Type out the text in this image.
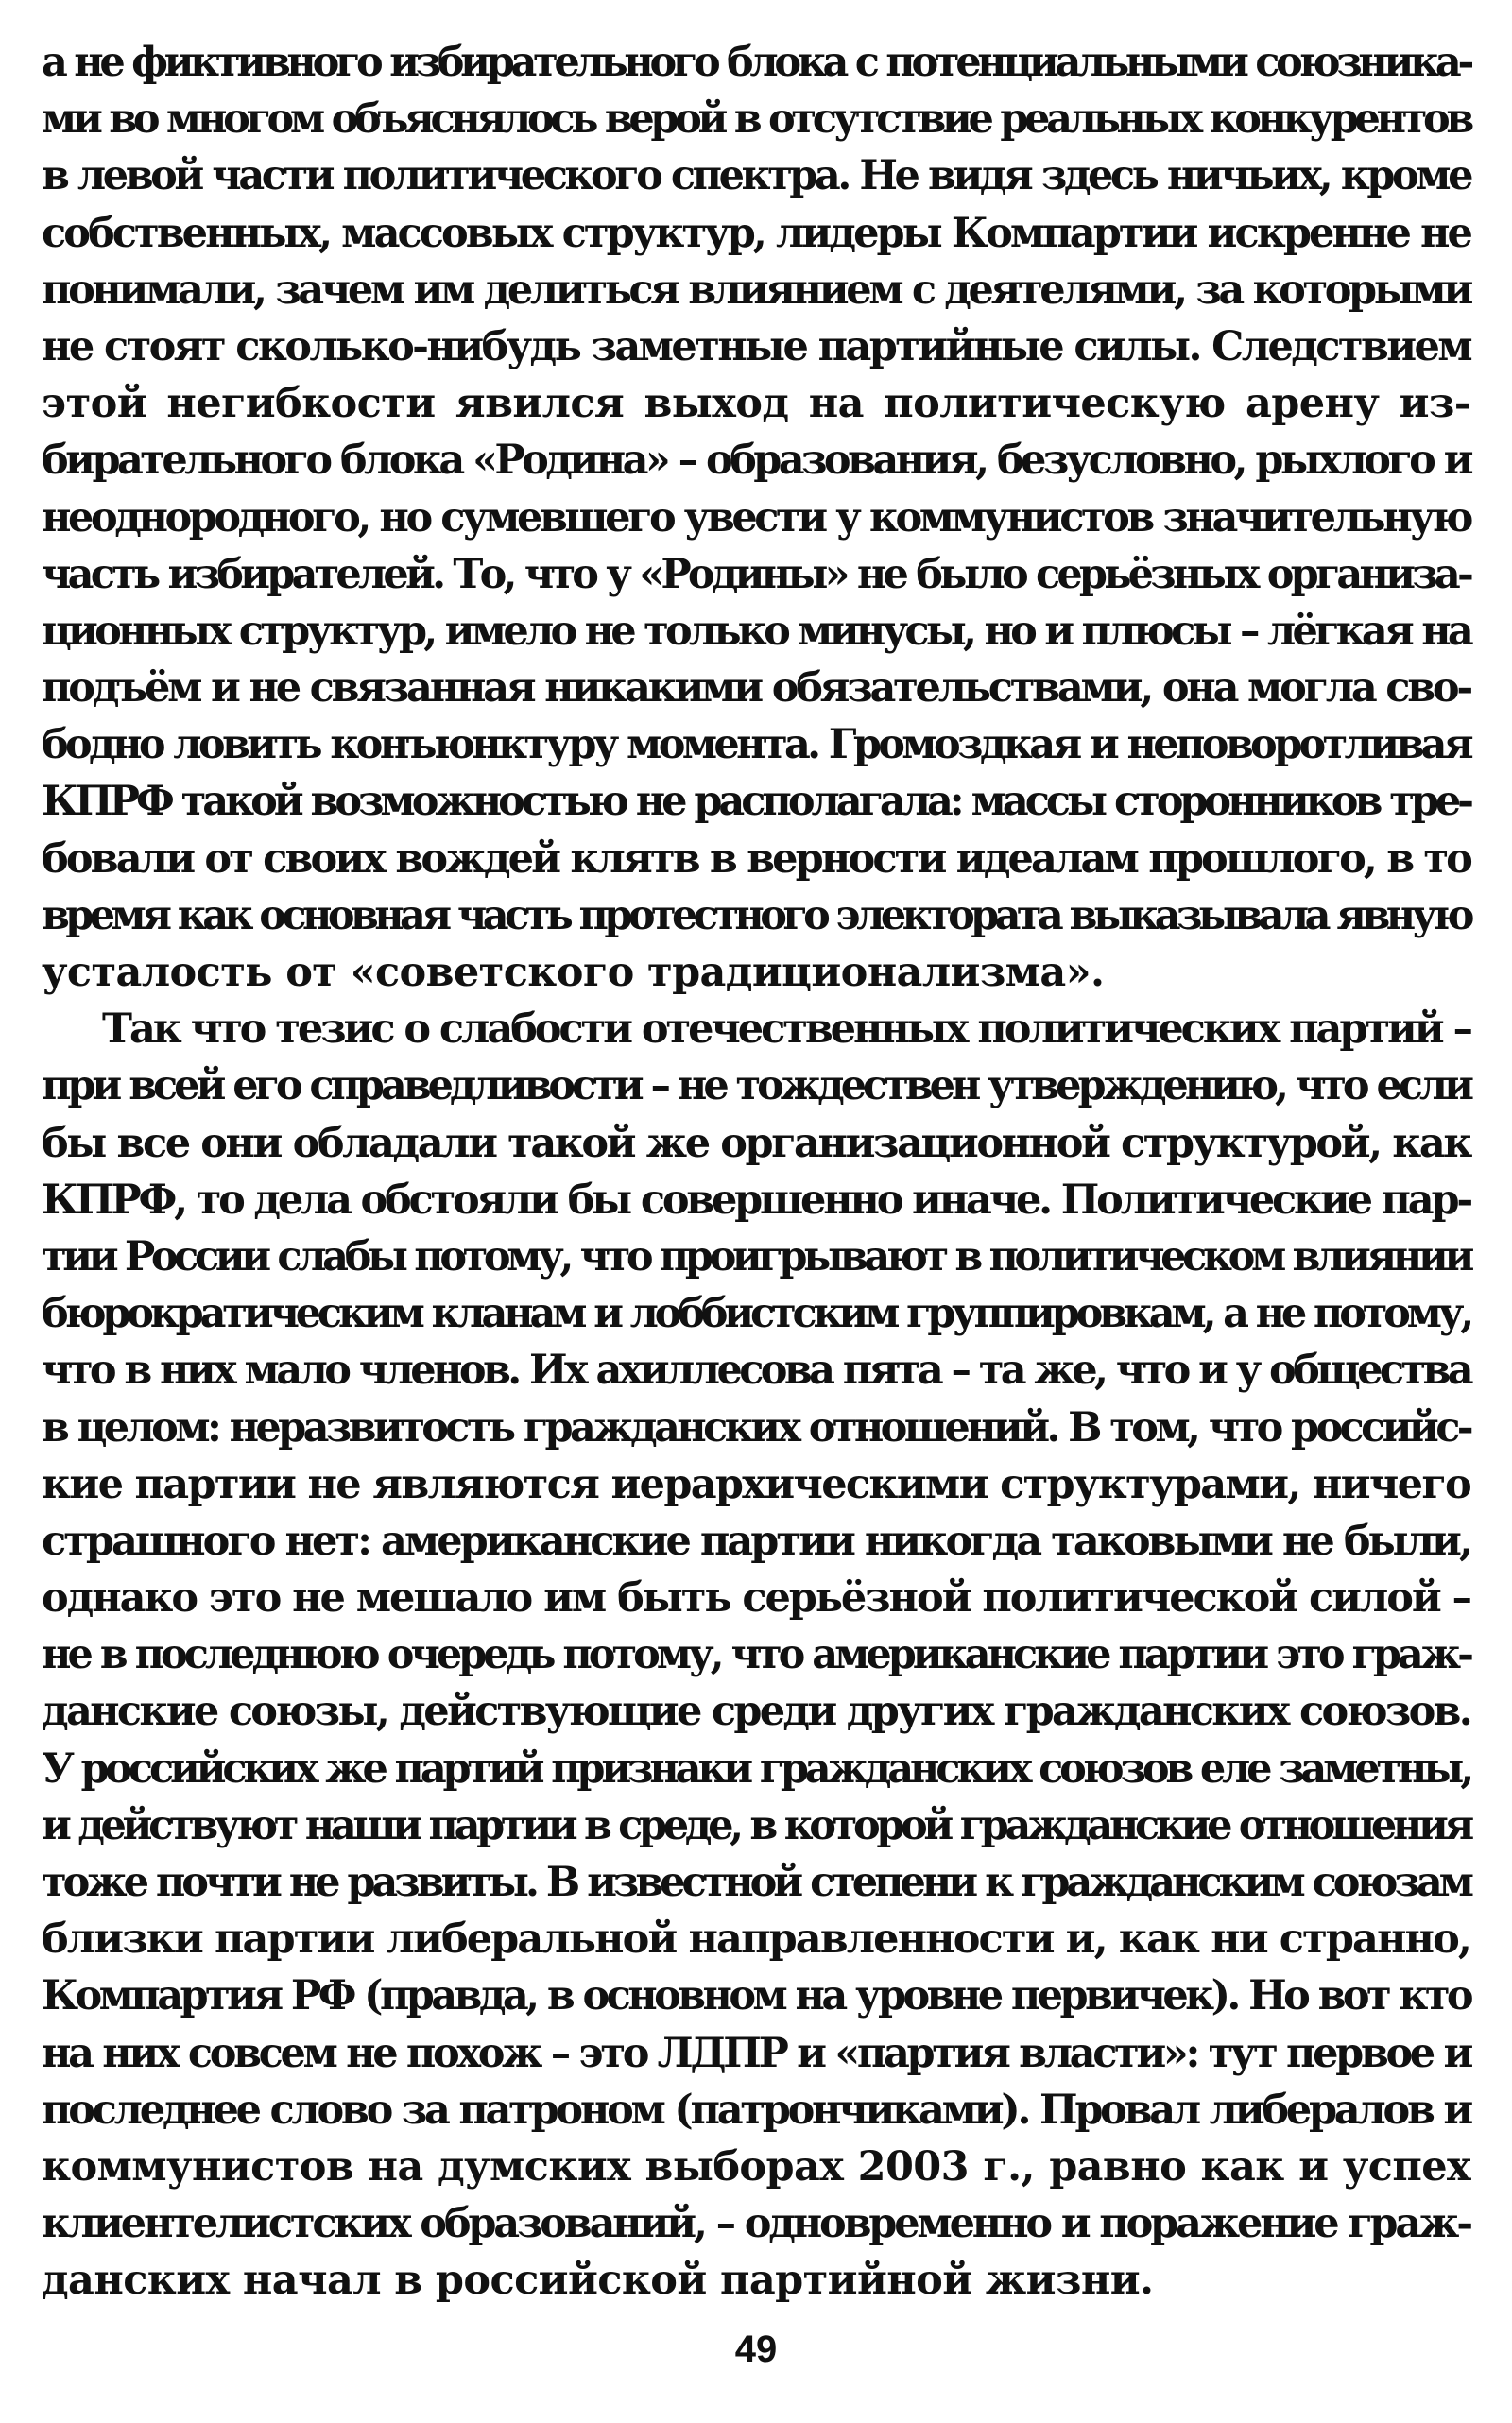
а не фиктивного избирательного блока с потенциальными союзника-
ми во многом объяснялось верой в отсутствие реальных конкурентов
в левой части политического спектра. Не видя здесь ничьих, кроме
собственных, массовых структур, лидеры Компартии искренне не
понимали, зачем им делиться влиянием с деятелями, за которыми
не стоят сколько-нибудь заметные партийные силы. Следствием
этой негибкости явился выход на политическую арену из-
бирательного блока «Родина» – образования, безусловно, рыхлого и
неоднородного, но сумевшего увести у коммунистов значительную
часть избирателей. То, что у «Родины» не было серьёзных организа-
ционных структур, имело не только минусы, но и плюсы – лёгкая на
подъём и не связанная никакими обязательствами, она могла сво-
бодно ловить конъюнктуру момента. Громоздкая и неповоротливая
КПРФ такой возможностью не располагала: массы сторонников тре-
бовали от своих вождей клятв в верности идеалам прошлого, в то
время как основная часть протестного электората выказывала явную
усталость от «советского традиционализма».
Так что тезис о слабости отечественных политических партий –
при всей его справедливости – не тождествен утверждению, что если
бы все они обладали такой же организационной структурой, как
КПРФ, то дела обстояли бы совершенно иначе. Политические пар-
тии России слабы потому, что проигрывают в политическом влиянии
бюрократическим кланам и лоббистским группировкам, а не потому,
что в них мало членов. Их ахиллесова пята – та же, что и у общества
в целом: неразвитость гражданских отношений. В том, что российс-
кие партии не являются иерархическими структурами, ничего
страшного нет: американские партии никогда таковыми не были,
однако это не мешало им быть серьёзной политической силой –
не в последнюю очередь потому, что американские партии это граж-
данские союзы, действующие среди других гражданских союзов.
У российских же партий признаки гражданских союзов еле заметны,
и действуют наши партии в среде, в которой гражданские отношения
тоже почти не развиты. В известной степени к гражданским союзам
близки партии либеральной направленности и, как ни странно,
Компартия РФ (правда, в основном на уровне первичек). Но вот кто
на них совсем не похож – это ЛДПР и «партия власти»: тут первое и
последнее слово за патроном (патрончиками). Провал либералов и
коммунистов на думских выборах 2003 г., равно как и успех
клиентелистских образований, – одновременно и поражение граж-
данских начал в российской партийной жизни.
49
